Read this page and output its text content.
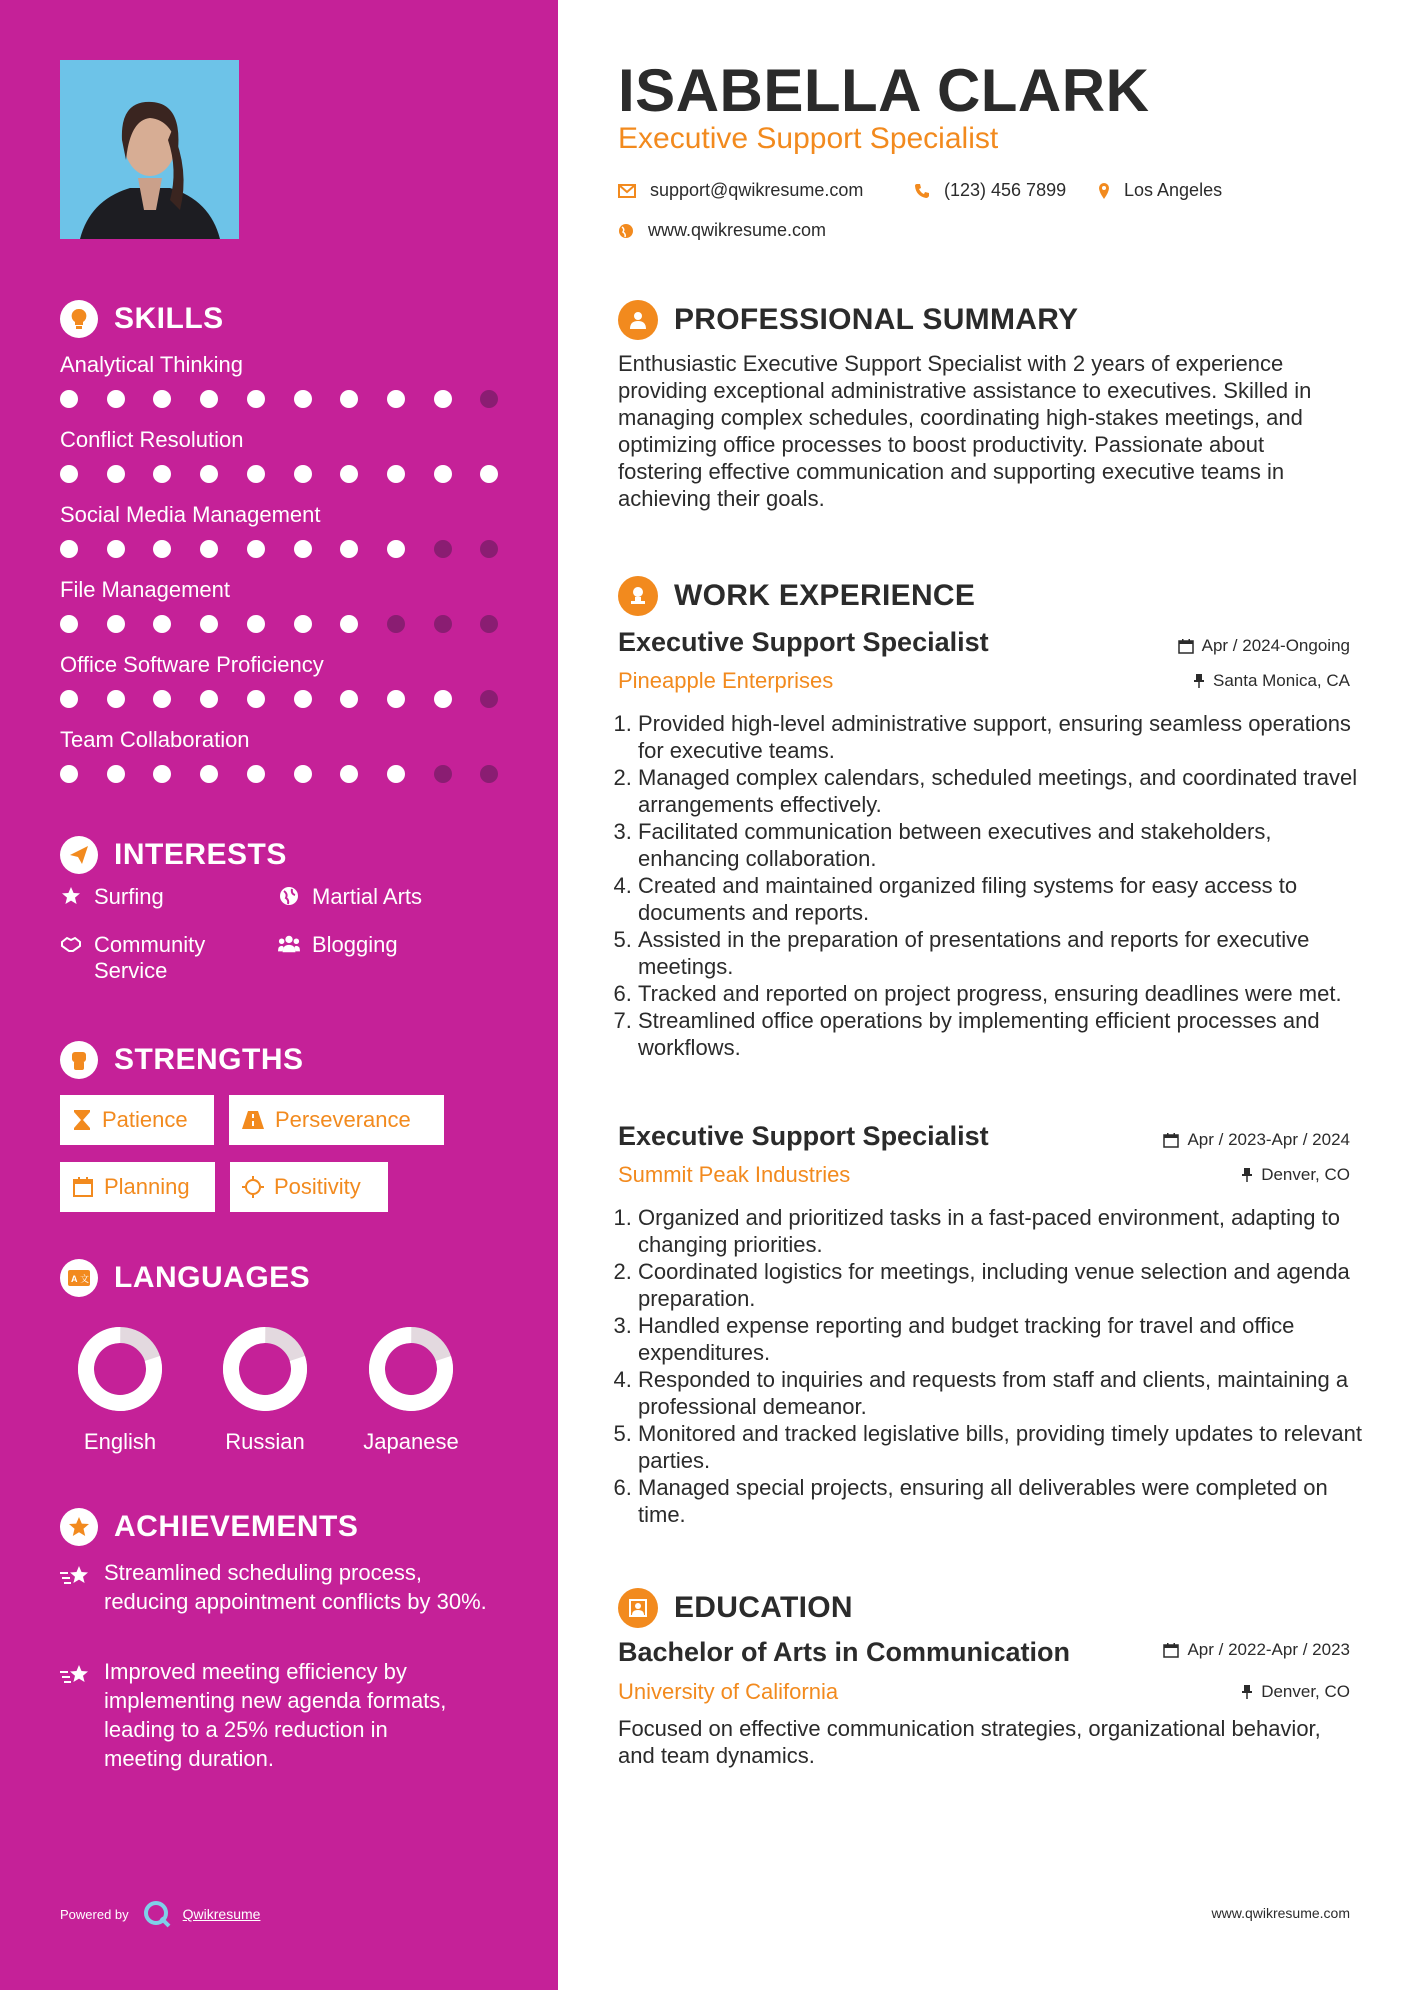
SKILLS
Analytical Thinking
Conflict Resolution
Social Media Management
File Management
Office Software Proficiency
Team Collaboration
INTERESTS
Surfing	Martial Arts
Community Service
Blogging
STRENGTHS
Patience	Perseverance
Planning	Positivity
A 文 LANGUAGES
English	Russian	Japanese
ACHIEVEMENTS
Streamlined scheduling process, reducing appointment conflicts by 30%.
Improved meeting efficiency by implementing new agenda formats, leading to a 25% reduction in meeting duration.
Powered by	Qwikresume
ISABELLA CLARK
Executive Support Specialist
support@qwikresume.com	(123) 456 7899	Los Angeles
www.qwikresume.com
PROFESSIONAL SUMMARY
Enthusiastic Executive Support Specialist with 2 years of experience providing exceptional administrative assistance to executives. Skilled in managing complex schedules, coordinating high-stakes meetings, and optimizing office processes to boost productivity. Passionate about fostering effective communication and supporting executive teams in achieving their goals.
WORK EXPERIENCE
Executive Support Specialist
Pineapple Enterprises
Apr / 2024-Ongoing
Santa Monica, CA
1. Provided high-level administrative support, ensuring seamless operations for executive teams.
2. Managed complex calendars, scheduled meetings, and coordinated travel arrangements effectively.
3. Facilitated communication between executives and stakeholders, enhancing collaboration.
4. Created and maintained organized filing systems for easy access to documents and reports.
5. Assisted in the preparation of presentations and reports for executive meetings.
6. Tracked and reported on project progress, ensuring deadlines were met.
7. Streamlined office operations by implementing efficient processes and workflows.
Executive Support Specialist
Summit Peak Industries
Apr / 2023-Apr / 2024
Denver, CO
1. Organized and prioritized tasks in a fast-paced environment, adapting to changing priorities.
2. Coordinated logistics for meetings, including venue selection and agenda preparation.
3. Handled expense reporting and budget tracking for travel and office expenditures.
4. Responded to inquiries and requests from staff and clients, maintaining a professional demeanor.
5. Monitored and tracked legislative bills, providing timely updates to relevant parties.
6. Managed special projects, ensuring all deliverables were completed on time.
EDUCATION
Bachelor of Arts in Communication
University of California
Apr / 2022-Apr / 2023
Denver, CO
Focused on effective communication strategies, organizational behavior, and team dynamics.
www.qwikresume.com
